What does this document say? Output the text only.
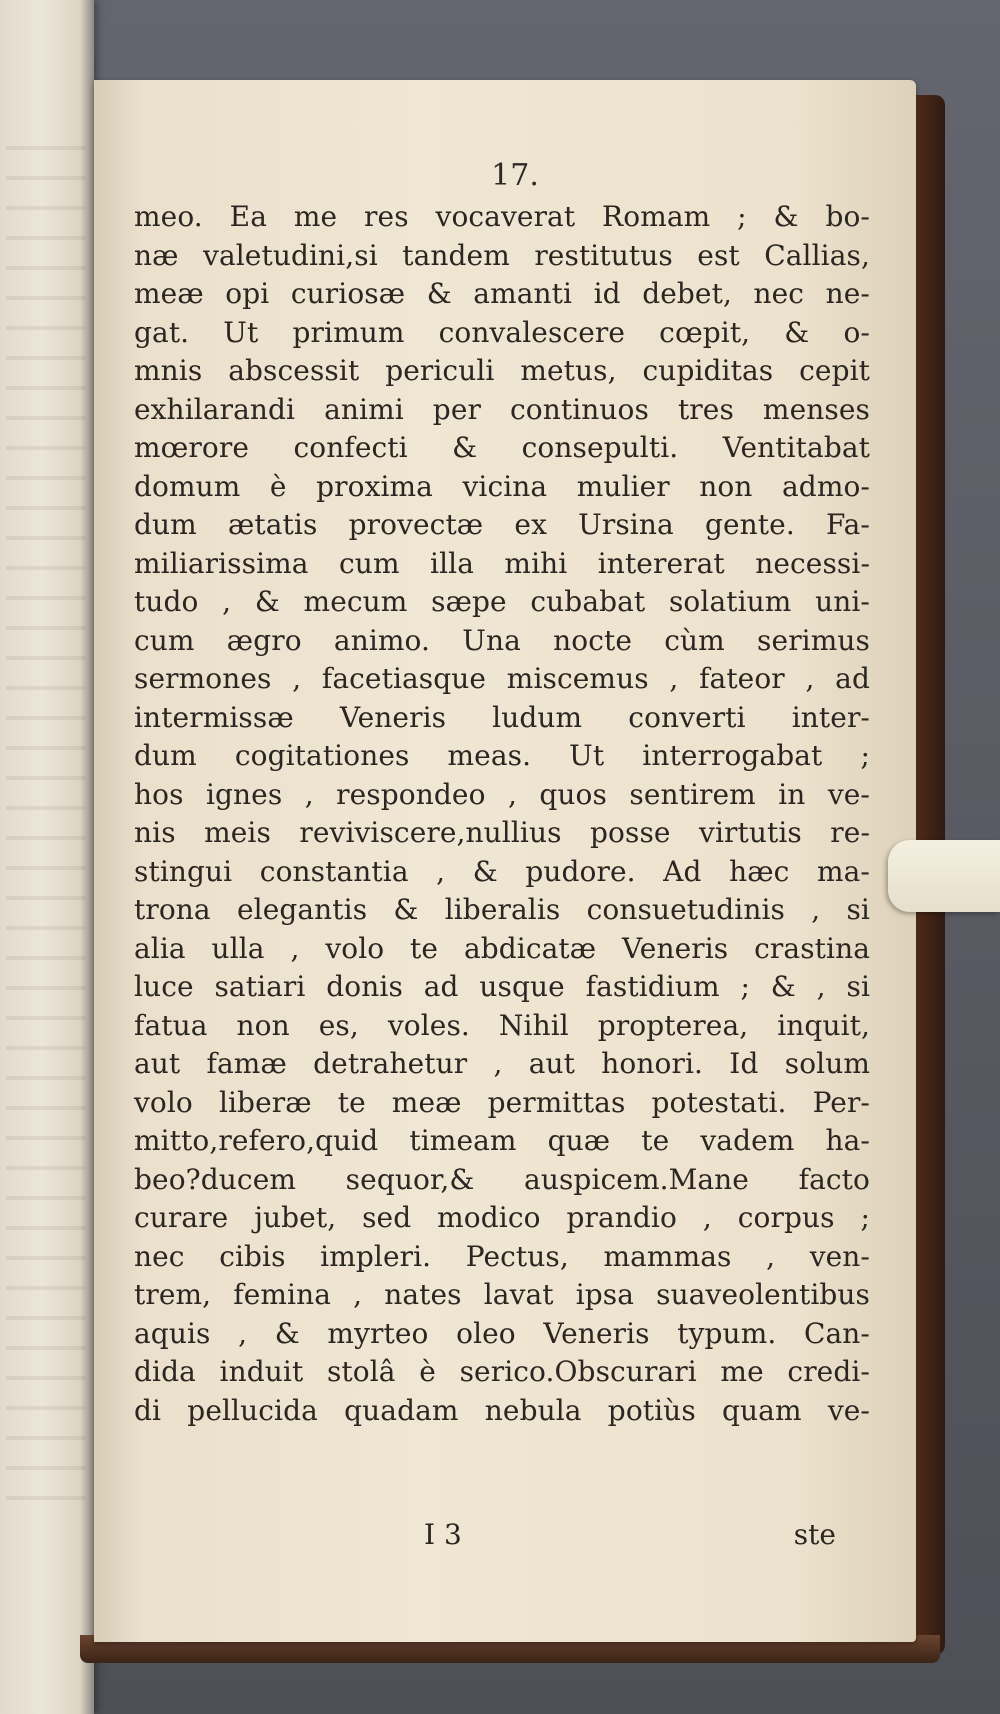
17.

meo. Ea me res vocaverat Romam ; & bo-
næ valetudini,si tandem restitutus est Callias,
meæ opi curiosæ & amanti id debet, nec ne-
gat. Ut primum convalescere cœpit, & o-
mnis abscessit periculi metus, cupiditas cepit
exhilarandi animi per continuos tres menses
mœrore confecti & consepulti. Ventitabat
domum è proxima vicina mulier non admo-
dum ætatis provectæ ex Ursina gente. Fa-
miliarissima cum illa mihi intererat necessi-
tudo , & mecum sæpe cubabat solatium uni-
cum ægro animo. Una nocte cùm serimus
sermones , facetiasque miscemus , fateor , ad
intermissæ Veneris ludum converti inter-
dum cogitationes meas. Ut interrogabat ;
hos ignes , respondeo , quos sentirem in ve-
nis meis reviviscere,nullius posse virtutis re-
stingui constantia , & pudore. Ad hæc ma-
trona elegantis & liberalis consuetudinis , si
alia ulla , volo te abdicatæ Veneris crastina
luce satiari donis ad usque fastidium ; & , si
fatua non es, voles. Nihil propterea, inquit,
aut famæ detrahetur , aut honori. Id solum
volo liberæ te meæ permittas potestati. Per-
mitto,refero,quid timeam quæ te vadem ha-
beo?ducem sequor,& auspicem.Mane facto
curare jubet, sed modico prandio , corpus ;
nec cibis impleri. Pectus, mammas , ven-
trem, femina , nates lavat ipsa suaveolentibus
aquis , & myrteo oleo Veneris typum. Can-
dida induit stolâ è serico.Obscurari me credi-
di pellucida quadam nebula potiùs quam ve-

I 3	ste
